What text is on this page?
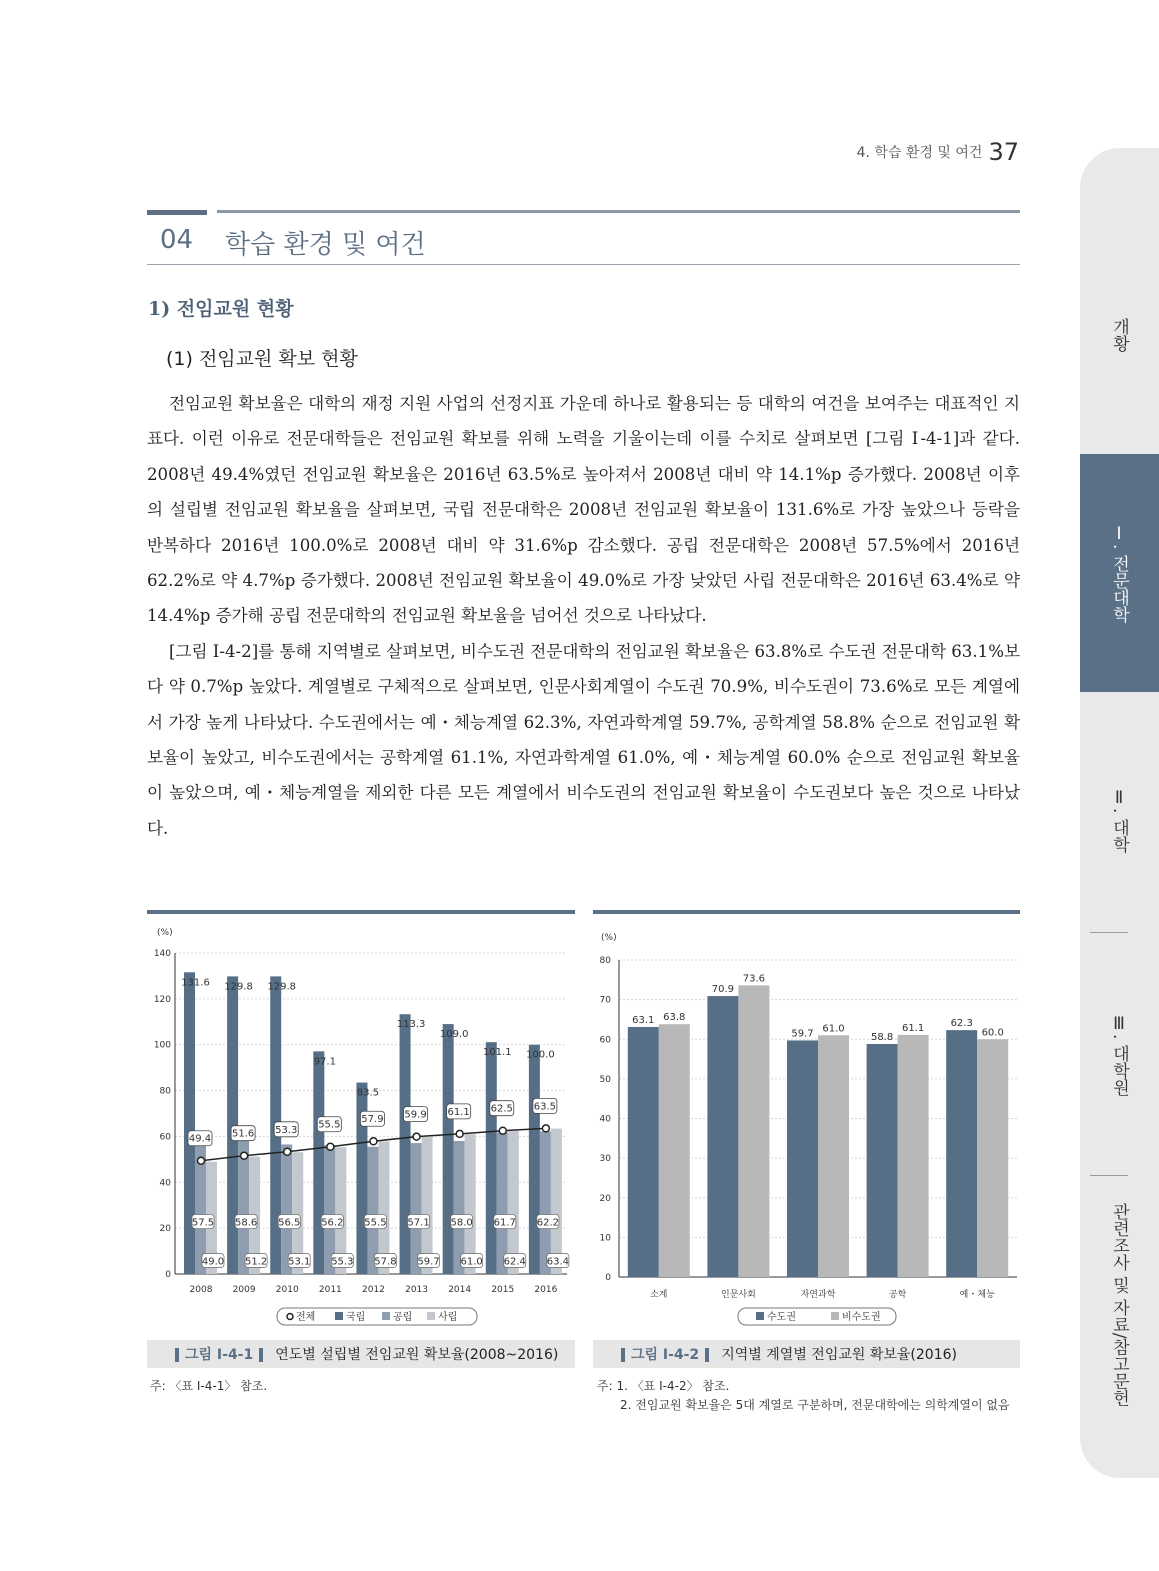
4. 학습 환경 및 여건 37
04 학습 환경 및 여건
1) 전임교원 현황
(1) 전임교원 확보 현황

전임교원 확보율은 대학의 재정 지원 사업의 선정지표 가운데 하나로 활용되는 등 대학의 여건을 보여주는 대표적인 지표다. 이런 이유로 전문대학들은 전임교원 확보를 위해 노력을 기울이는데 이를 수치로 살펴보면 [그림 Ⅰ-4-1]과 같다. 2008년 49.4%였던 전임교원 확보율은 2016년 63.5%로 높아져서 2008년 대비 약 14.1%p 증가했다. 2008년 이후의 설립별 전임교원 확보율을 살펴보면, 국립 전문대학은 2008년 전임교원 확보율이 131.6%로 가장 높았으나 등락을 반복하다 2016년 100.0%로 2008년 대비 약 31.6%p 감소했다. 공립 전문대학은 2008년 57.5%에서 2016년 62.2%로 약 4.7%p 증가했다. 2008년 전임교원 확보율이 49.0%로 가장 낮았던 사립 전문대학은 2016년 63.4%로 약 14.4%p 증가해 공립 전문대학의 전임교원 확보율을 넘어선 것으로 나타났다.

[그림 Ⅰ-4-2]를 통해 지역별로 살펴보면, 비수도권 전문대학의 전임교원 확보율은 63.8%로 수도권 전문대학 63.1%보다 약 0.7%p 높았다. 계열별로 구체적으로 살펴보면, 인문사회계열이 수도권 70.9%, 비수도권이 73.6%로 모든 계열에서 가장 높게 나타났다. 수도권에서는 예・체능계열 62.3%, 자연과학계열 59.7%, 공학계열 58.8% 순으로 전임교원 확보율이 높았고, 비수도권에서는 공학계열 61.1%, 자연과학계열 61.0%, 예・체능계열 60.0% 순으로 전임교원 확보율이 높았으며, 예・체능계열을 제외한 다른 모든 계열에서 비수도권의 전임교원 확보율이 수도권보다 높은 것으로 나타났다.

개황
Ⅰ. 전문대학
Ⅱ. 대학
Ⅲ. 대학원
관련조사 및 자료/참고문헌
(%)
0
20
40
60
80
100
120
140
131.6
57.5
49.0
2008
129.8
58.6
51.2
2009
129.8
56.5
53.1
2010
97.1
56.2
55.3
2011
83.5
55.5
57.8
2012
113.3
57.1
59.7
2013
109.0
58.0
61.0
2014
101.1
61.7
62.4
2015
100.0
62.2
63.4
2016
49.4 51.6 53.3 55.5
57.9 59.9 61.1 62.5 63.5
전체	국립	공립	사립
(%)
0
10
20
30
40
50
60
70
80
63.1 63.8
소계
70.9
73.6
인문사회
59.7 61.0
자연과학
58.8
61.1
공학
62.3
60.0
예・체능
수도권	비수도권
그림 Ⅰ-4-1	연도별 설립별 전임교원 확보율(2008~2016)	그림 Ⅰ-4-2	지역별 계열별 전임교원 확보율(2016)
주: 〈표 Ⅰ-4-1〉 참조.	주: 1. 〈표 Ⅰ-4-2〉 참조.
2. 전임교원 확보율은 5대 계열로 구분하며, 전문대학에는 의학계열이 없음
